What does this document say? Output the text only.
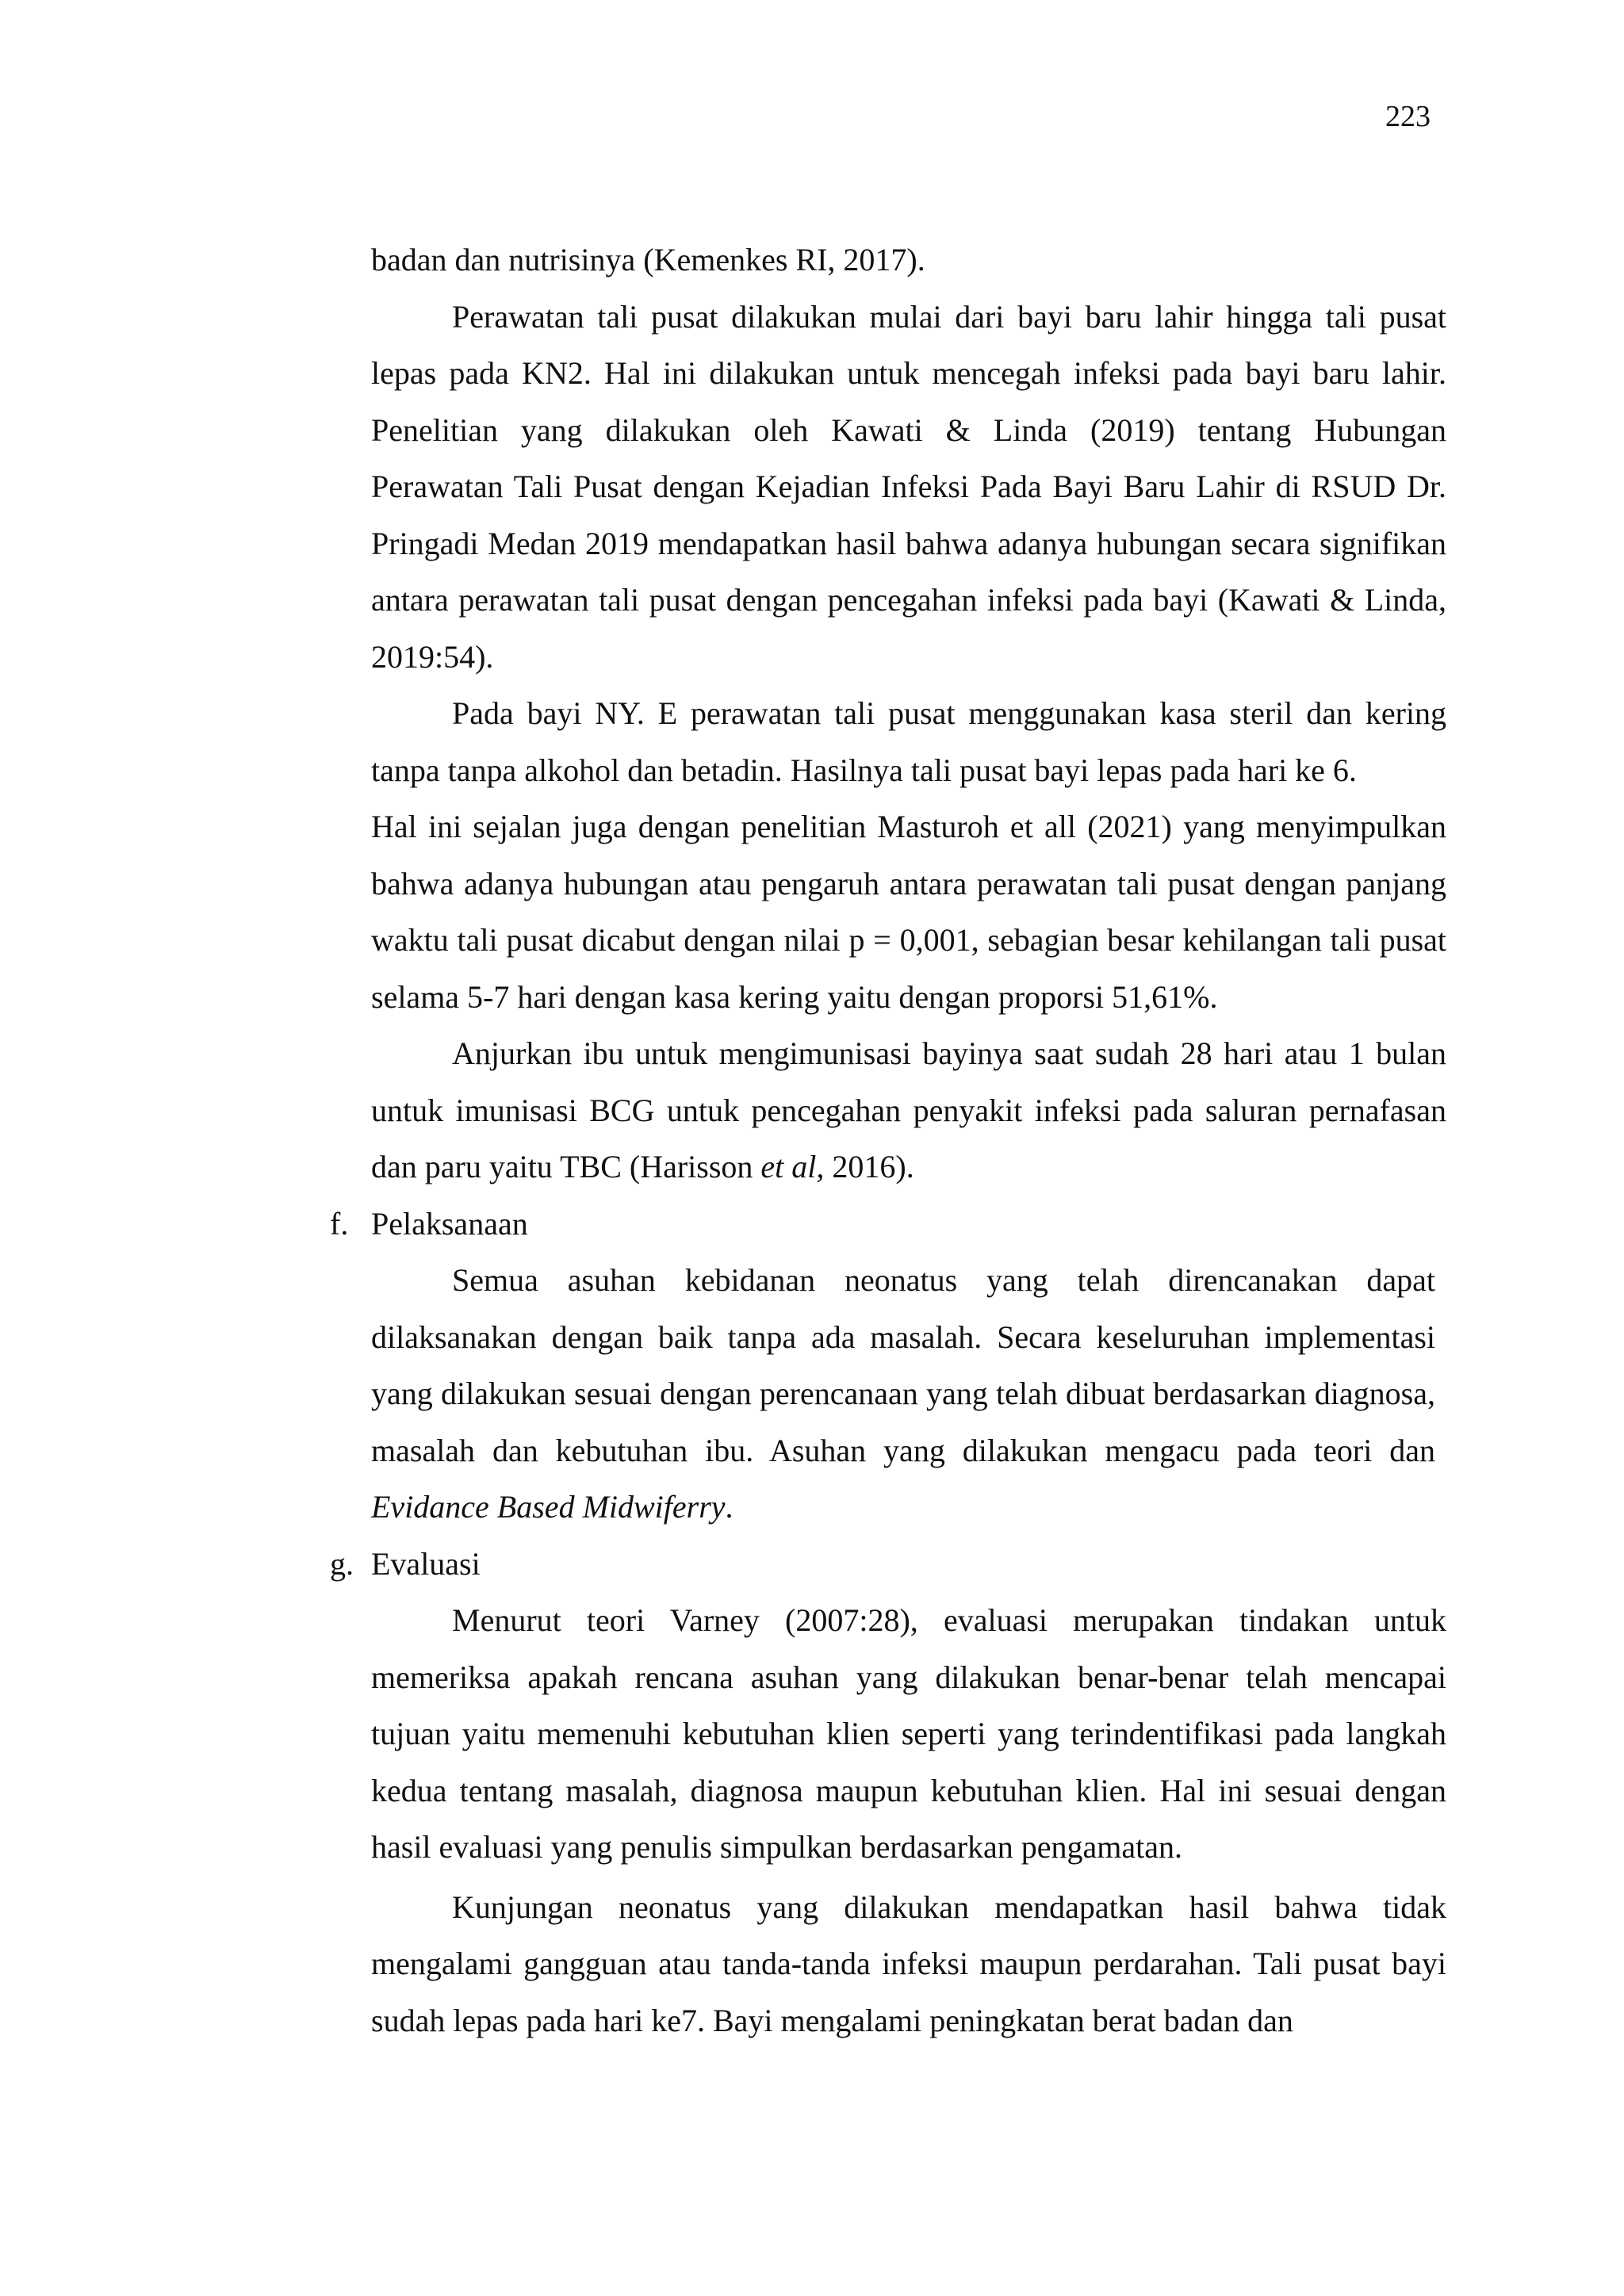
223

badan dan nutrisinya (Kemenkes RI, 2017).

Perawatan tali pusat dilakukan mulai dari bayi baru lahir hingga tali pusat lepas pada KN2. Hal ini dilakukan untuk mencegah infeksi pada bayi baru lahir. Penelitian yang dilakukan oleh Kawati & Linda (2019) tentang Hubungan Perawatan Tali Pusat dengan Kejadian Infeksi Pada Bayi Baru Lahir di RSUD Dr. Pringadi Medan 2019 mendapatkan hasil bahwa adanya hubungan secara signifikan antara perawatan tali pusat dengan pencegahan infeksi pada bayi (Kawati & Linda, 2019:54).

Pada bayi NY. E perawatan tali pusat menggunakan kasa steril dan kering tanpa tanpa alkohol dan betadin. Hasilnya tali pusat bayi lepas pada hari ke 6.

Hal ini sejalan juga dengan penelitian Masturoh et all (2021) yang menyimpulkan bahwa adanya hubungan atau pengaruh antara perawatan tali pusat dengan panjang waktu tali pusat dicabut dengan nilai p = 0,001, sebagian besar kehilangan tali pusat selama 5-7 hari dengan kasa kering yaitu dengan proporsi 51,61%.

Anjurkan ibu untuk mengimunisasi bayinya saat sudah 28 hari atau 1 bulan untuk imunisasi BCG untuk pencegahan penyakit infeksi pada saluran pernafasan dan paru yaitu TBC (Harisson et al, 2016).

f. Pelaksanaan

Semua asuhan kebidanan neonatus yang telah direncanakan dapat dilaksanakan dengan baik tanpa ada masalah. Secara keseluruhan implementasi yang dilakukan sesuai dengan perencanaan yang telah dibuat berdasarkan diagnosa, masalah dan kebutuhan ibu. Asuhan yang dilakukan mengacu pada teori dan Evidance Based Midwiferry.

g. Evaluasi

Menurut teori Varney (2007:28), evaluasi merupakan tindakan untuk memeriksa apakah rencana asuhan yang dilakukan benar-benar telah mencapai tujuan yaitu memenuhi kebutuhan klien seperti yang terindentifikasi pada langkah kedua tentang masalah, diagnosa maupun kebutuhan klien. Hal ini sesuai dengan hasil evaluasi yang penulis simpulkan berdasarkan pengamatan.

Kunjungan neonatus yang dilakukan mendapatkan hasil bahwa tidak mengalami gangguan atau tanda-tanda infeksi maupun perdarahan. Tali pusat bayi sudah lepas pada hari ke7. Bayi mengalami peningkatan berat badan dan
